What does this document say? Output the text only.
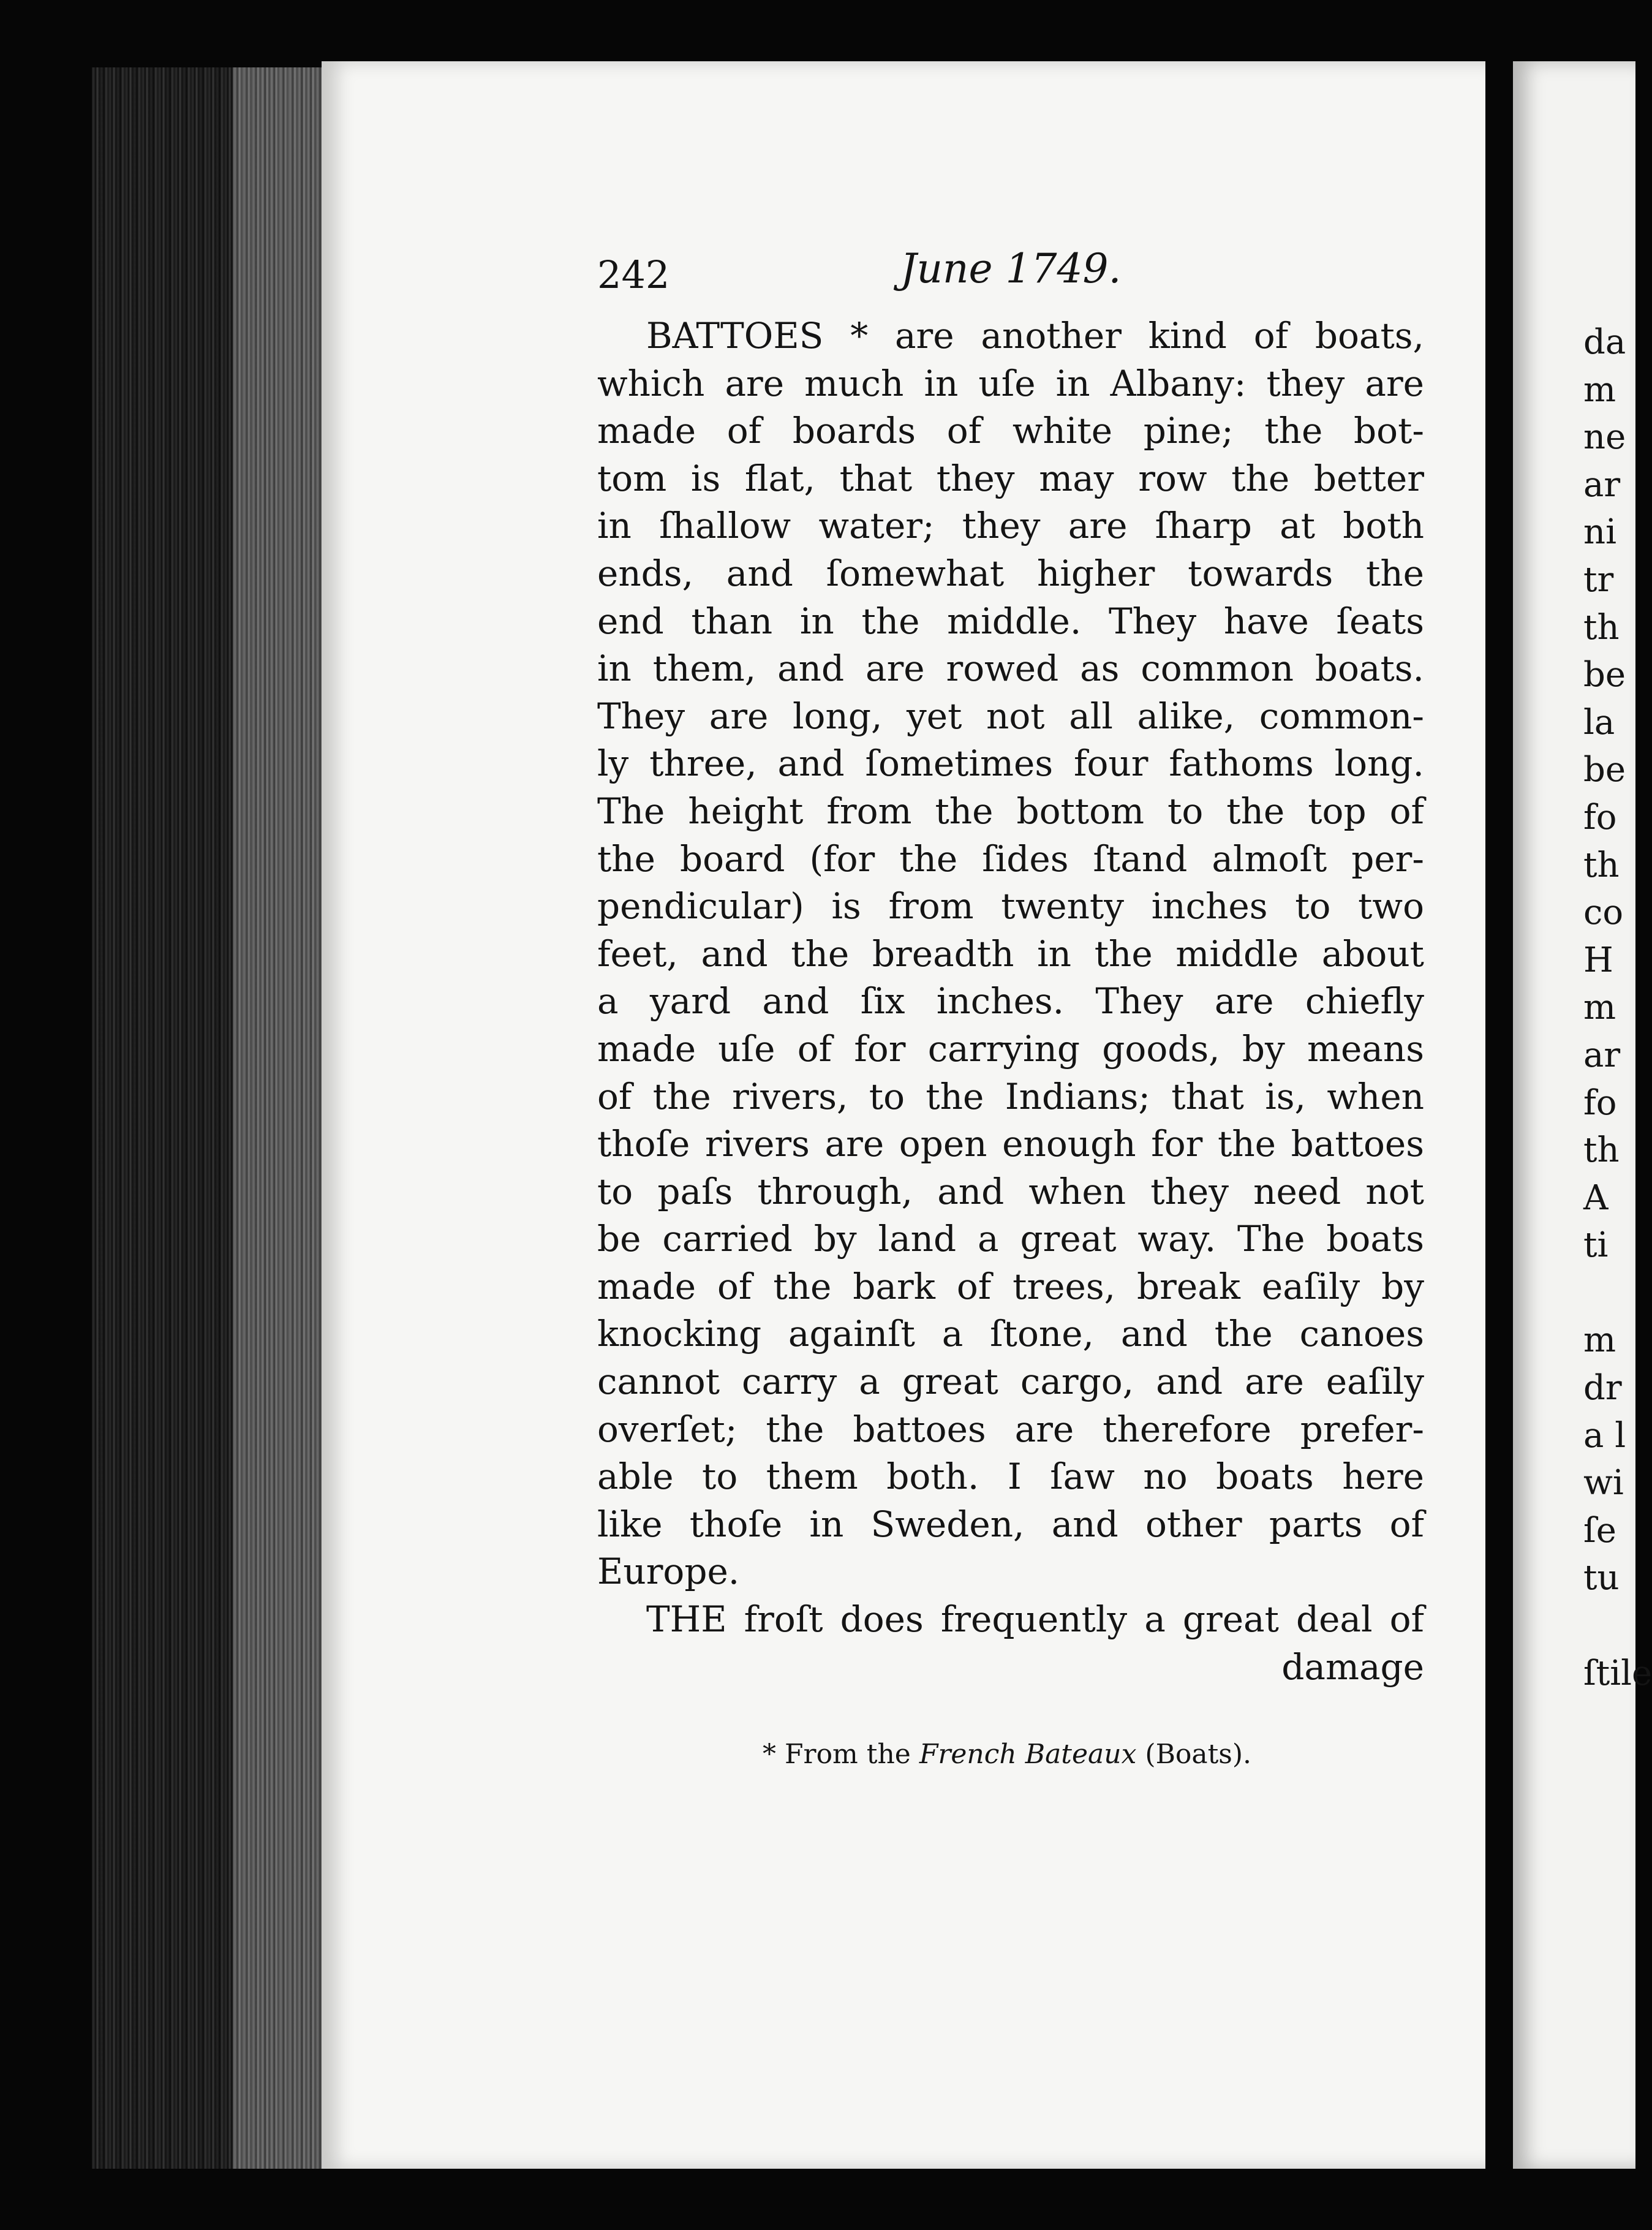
242	June 1749.

BATTOES * are another kind of boats,
which are much in uſe in Albany: they are
made of boards of white pine; the bot-
tom is flat, that they may row the better
in ſhallow water; they are ſharp at both
ends, and ſomewhat higher towards the
end than in the middle. They have ſeats
in them, and are rowed as common boats.
They are long, yet not all alike, common-
ly three, and ſometimes four fathoms long.
The height from the bottom to the top of
the board (for the ſides ſtand almoſt per-
pendicular) is from twenty inches to two
feet, and the breadth in the middle about
a yard and ſix inches. They are chiefly
made uſe of for carrying goods, by means
of the rivers, to the Indians; that is, when
thoſe rivers are open enough for the battoes
to paſs through, and when they need not
be carried by land a great way. The boats
made of the bark of trees, break eaſily by
knocking againſt a ſtone, and the canoes
cannot carry a great cargo, and are eaſily
overſet; the battoes are therefore prefer-
able to them both. I ſaw no boats here
like thoſe in Sweden, and other parts of
Europe.

THE froſt does frequently a great deal of
damage

* From the French Bateaux (Boats).
da
m
ne
ar
ni
tr
th
be
la
be
fo
th
co
H
m
ar
fo
th
A
ti
m
dr
a l
wi
ſe
tu
ſtile
